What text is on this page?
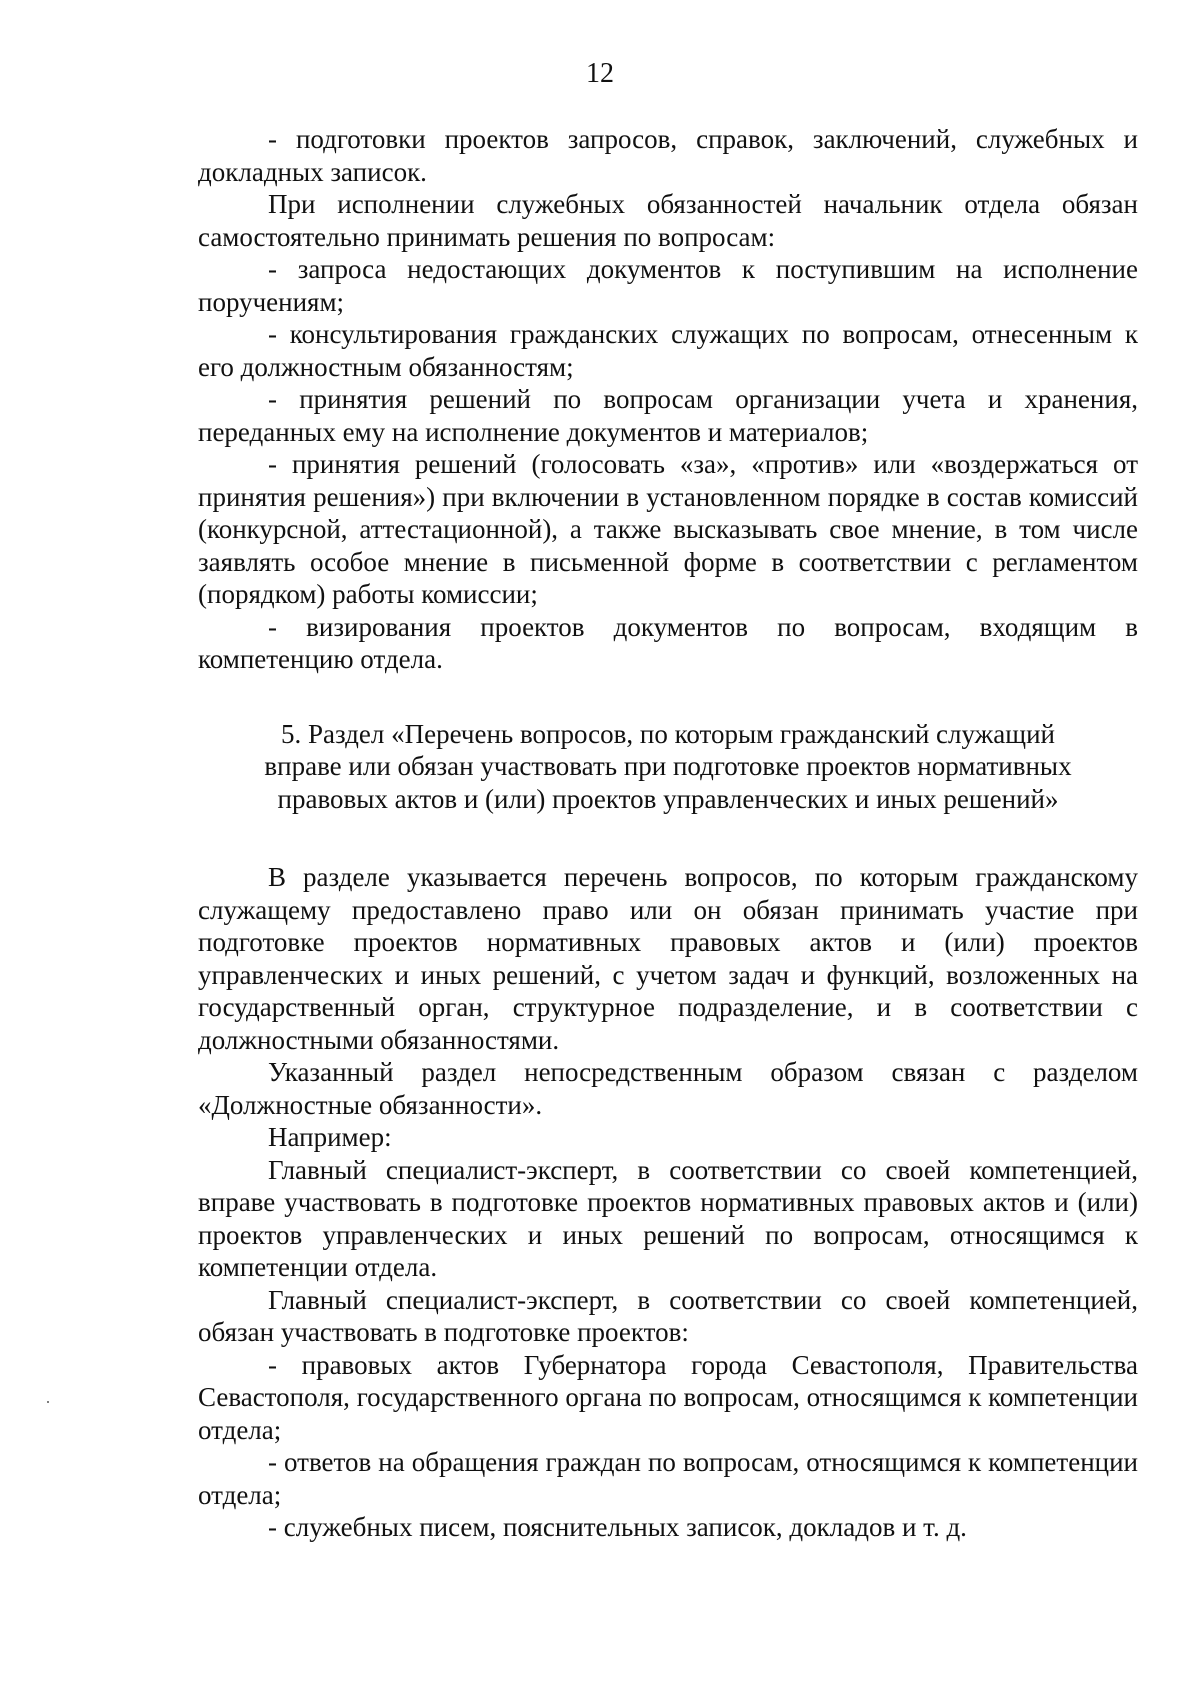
12

- подготовки проектов запросов, справок, заключений, служебных и докладных записок.

При исполнении служебных обязанностей начальник отдела обязан самостоятельно принимать решения по вопросам:

- запроса недостающих документов к поступившим на исполнение поручениям;

- консультирования гражданских служащих по вопросам, отнесенным к его должностным обязанностям;

- принятия решений по вопросам организации учета и хранения, переданных ему на исполнение документов и материалов;

- принятия решений (голосовать «за», «против» или «воздержаться от принятия решения») при включении в установленном порядке в состав комиссий (конкурсной, аттестационной), а также высказывать свое мнение, в том числе заявлять особое мнение в письменной форме в соответствии с регламентом (порядком) работы комиссии;

- визирования проектов документов по вопросам, входящим в компетенцию отдела.

5. Раздел «Перечень вопросов, по которым гражданский служащий
вправе или обязан участвовать при подготовке проектов нормативных
правовых актов и (или) проектов управленческих и иных решений»

В разделе указывается перечень вопросов, по которым гражданскому служащему предоставлено право или он обязан принимать участие при подготовке проектов нормативных правовых актов и (или) проектов управленческих и иных решений, с учетом задач и функций, возложенных на государственный орган, структурное подразделение, и в соответствии с должностными обязанностями.

Указанный раздел непосредственным образом связан с разделом «Должностные обязанности».

Например:

Главный специалист-эксперт, в соответствии со своей компетенцией, вправе участвовать в подготовке проектов нормативных правовых актов и (или) проектов управленческих и иных решений по вопросам, относящимся к компетенции отдела.

Главный специалист-эксперт, в соответствии со своей компетенцией, обязан участвовать в подготовке проектов:

- правовых актов Губернатора города Севастополя, Правительства Севастополя, государственного органа по вопросам, относящимся к компетенции отдела;

- ответов на обращения граждан по вопросам, относящимся к компетенции отдела;

- служебных писем, пояснительных записок, докладов и т. д.
